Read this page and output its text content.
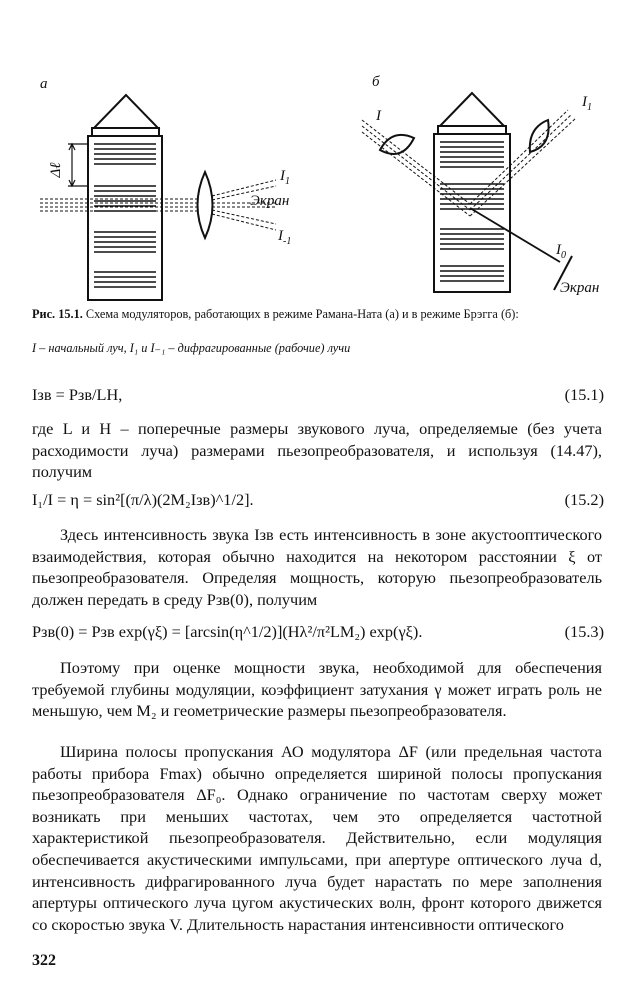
а
Δℓ	$I_1$
Экран
$I_{-1}$
б
I
$I_1$
$I_0$
Экран
Рис. 15.1. Схема модуляторов, работающих в режиме Рамана-Ната (а) и в режиме Брэгга (б):
I – начальный луч, I₁ и I₋₁ – дифрагированные (рабочие) лучи
Iзв = Pзв/LH,	(15.1)
где L и H – поперечные размеры звукового луча, определяемые (без учета расходимости луча) размерами пьезопреобразователя, и используя (14.47), получим
I₁/I = η = sin²[(π/λ)(2M₂Iзв)^1/2].	(15.2)
Здесь интенсивность звука Iзв есть интенсивность в зоне акустооптического взаимодействия, которая обычно находится на некотором расстоянии ξ от пьезопреобразователя. Определяя мощность, которую пьезопреобразователь должен передать в среду Pзв(0), получим
Pзв(0) = Pзв exp(γξ) = [arcsin(η^1/2)](Hλ²/π²LM₂) exp(γξ).	(15.3)
Поэтому при оценке мощности звука, необходимой для обеспечения требуемой глубины модуляции, коэффициент затухания γ может играть роль не меньшую, чем M₂ и геометрические размеры пьезопреобразователя.
Ширина полосы пропускания АО модулятора ΔF (или предельная частота работы прибора Fmax) обычно определяется шириной полосы пропускания пьезопреобразователя ΔF₀. Однако ограничение по частотам сверху может возникать при меньших частотах, чем это определяется частотной характеристикой пьезопреобразователя. Действительно, если модуляция обеспечивается акустическими импульсами, при апертуре оптического луча d, интенсивность дифрагированного луча будет нарастать по мере заполнения апертуры оптического луча цугом акустических волн, фронт которого движется со скоростью звука V. Длительность нарастания интенсивности оптического
322
